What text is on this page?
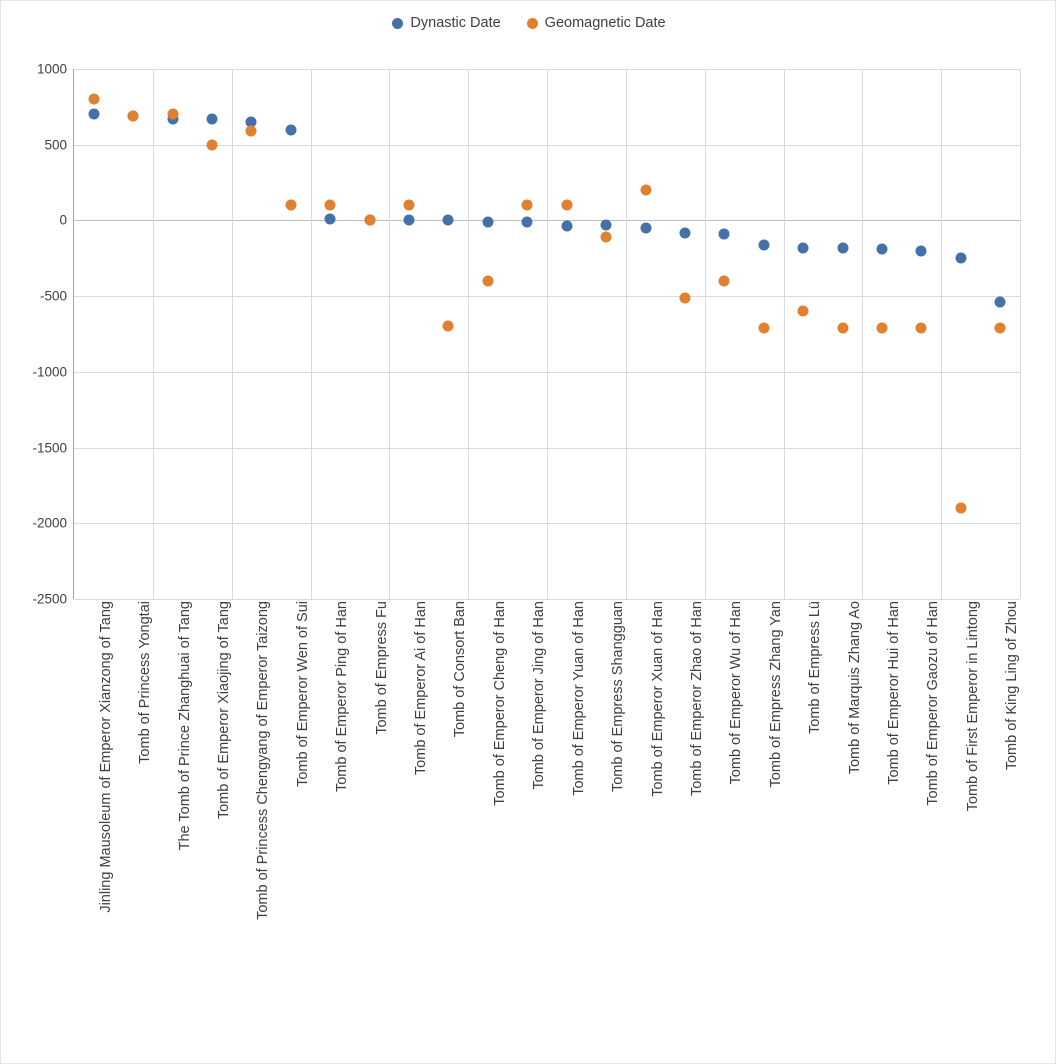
Dynastic Date	Geomagnetic Date
1000
500
0
-500
-1000
-1500
-2000
-2500
Jinling Mausoleum of Emperor Xianzong of Tang Tomb of Princess Yongtai The Tomb of Prince Zhanghuai of Tang Tomb of Emperor Xiaojing of Tang Tomb of Princess Chengyang of Emperor Taizong Tomb of Emperor Wen of Sui Tomb of Emperor Ping of Han Tomb of Empress Fu Tomb of Emperor Ai of Han Tomb of Consort Ban Tomb of Emperor Cheng of Han Tomb of Emperor Jing of Han Tomb of Emperor Yuan of Han Tomb of Empress Shangguan Tomb of Emperor Xuan of Han Tomb of Emperor Zhao of Han Tomb of Emperor Wu of Han Tomb of Empress Zhang Yan Tomb of Empress Lü Tomb of Marquis Zhang Ao Tomb of Emperor Hui of Han Tomb of Emperor Gaozu of Han Tomb of First Emperor in Lintong Tomb of King Ling of Zhou
